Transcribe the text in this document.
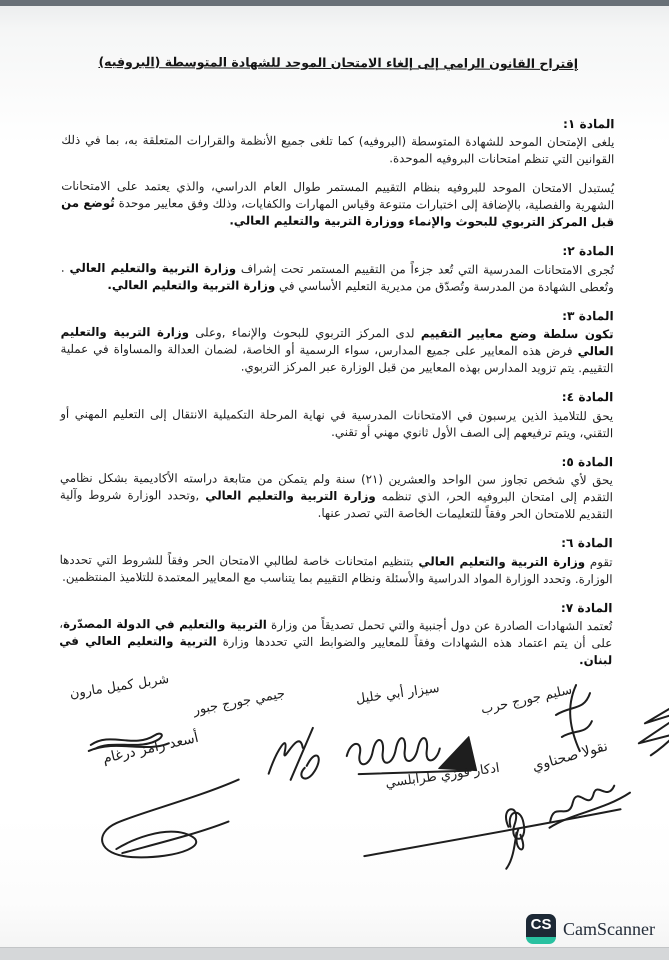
إقتراح القانون الرامي إلى إلغاء الامتحان الموحد للشهادة المتوسطة (البروفيه)
المادة ١:

يلغى الإمتحان الموحد للشهادة المتوسطة (البروفيه) كما تلغى جميع الأنظمة والقرارات المتعلقة به، بما في ذلك القوانين التي تنظم امتحانات البروفيه الموحدة.

يُستبدل الامتحان الموحد للبروفيه بنظام التقييم المستمر طوال العام الدراسي، والذي يعتمد على الامتحانات الشهرية والفصلية، بالإضافة إلى اختبارات متنوعة وقياس المهارات والكفايات، وذلك وفق معايير موحدة تُوضع من قبل المركز التربوي للبحوث والإنماء ووزارة التربية والتعليم العالي.

المادة ٢:

تُجرى الامتحانات المدرسية التي تُعد جزءاً من التقييم المستمر تحت إشراف وزارة التربية والتعليم العالي . وتُعطى الشهادة من المدرسة وتُصدّق من مديرية التعليم الأساسي في وزارة التربية والتعليم العالي.

المادة ٣:

تكون سلطة وضع معايير التقييم لدى المركز التربوي للبحوث والإنماء ,وعلى وزارة التربية والتعليم العالي فرض هذه المعايير على جميع المدارس، سواء الرسمية أو الخاصة، لضمان العدالة والمساواة في عملية التقييم. يتم تزويد المدارس بهذه المعايير من قبل الوزارة عبر المركز التربوي.

المادة ٤:

يحق للتلاميذ الذين يرسبون في الامتحانات المدرسية في نهاية المرحلة التكميلية الانتقال إلى التعليم المهني أو التقني، ويتم ترفيعهم إلى الصف الأول ثانوي مهني أو تقني.

المادة ٥:

يحق لأي شخص تجاوز سن الواحد والعشرين (٢١) سنة ولم يتمكن من متابعة دراسته الأكاديمية بشكل نظامي التقدم إلى امتحان البروفيه الحر، الذي تنظمه وزارة التربية والتعليم العالي ,وتحدد الوزارة شروط وآلية التقديم للامتحان الحر وفقاً للتعليمات الخاصة التي تصدر عنها.

المادة ٦:

تقوم وزارة التربية والتعليم العالي بتنظيم امتحانات خاصة لطالبي الامتحان الحر وفقاً للشروط التي تحددها الوزارة. وتحدد الوزارة المواد الدراسية والأسئلة ونظام التقييم بما يتناسب مع المعايير المعتمدة للتلاميذ المنتظمين.

المادة ٧:

تُعتمد الشهادات الصادرة عن دول أجنبية والتي تحمل تصديقاً من وزارة التربية والتعليم في الدولة المصدّرة، على أن يتم اعتماد هذه الشهادات وفقاً للمعايير والضوابط التي تحددها وزارة التربية والتعليم العالي في لبنان.

شربل كميل مارون جيمي جورج جبور
أسعد رامز درغام
سيزار أبي خليل	سليم جورج حرب
نقولا صحناوي
ادكار فوزي طرابلسي
CS CamScanner
